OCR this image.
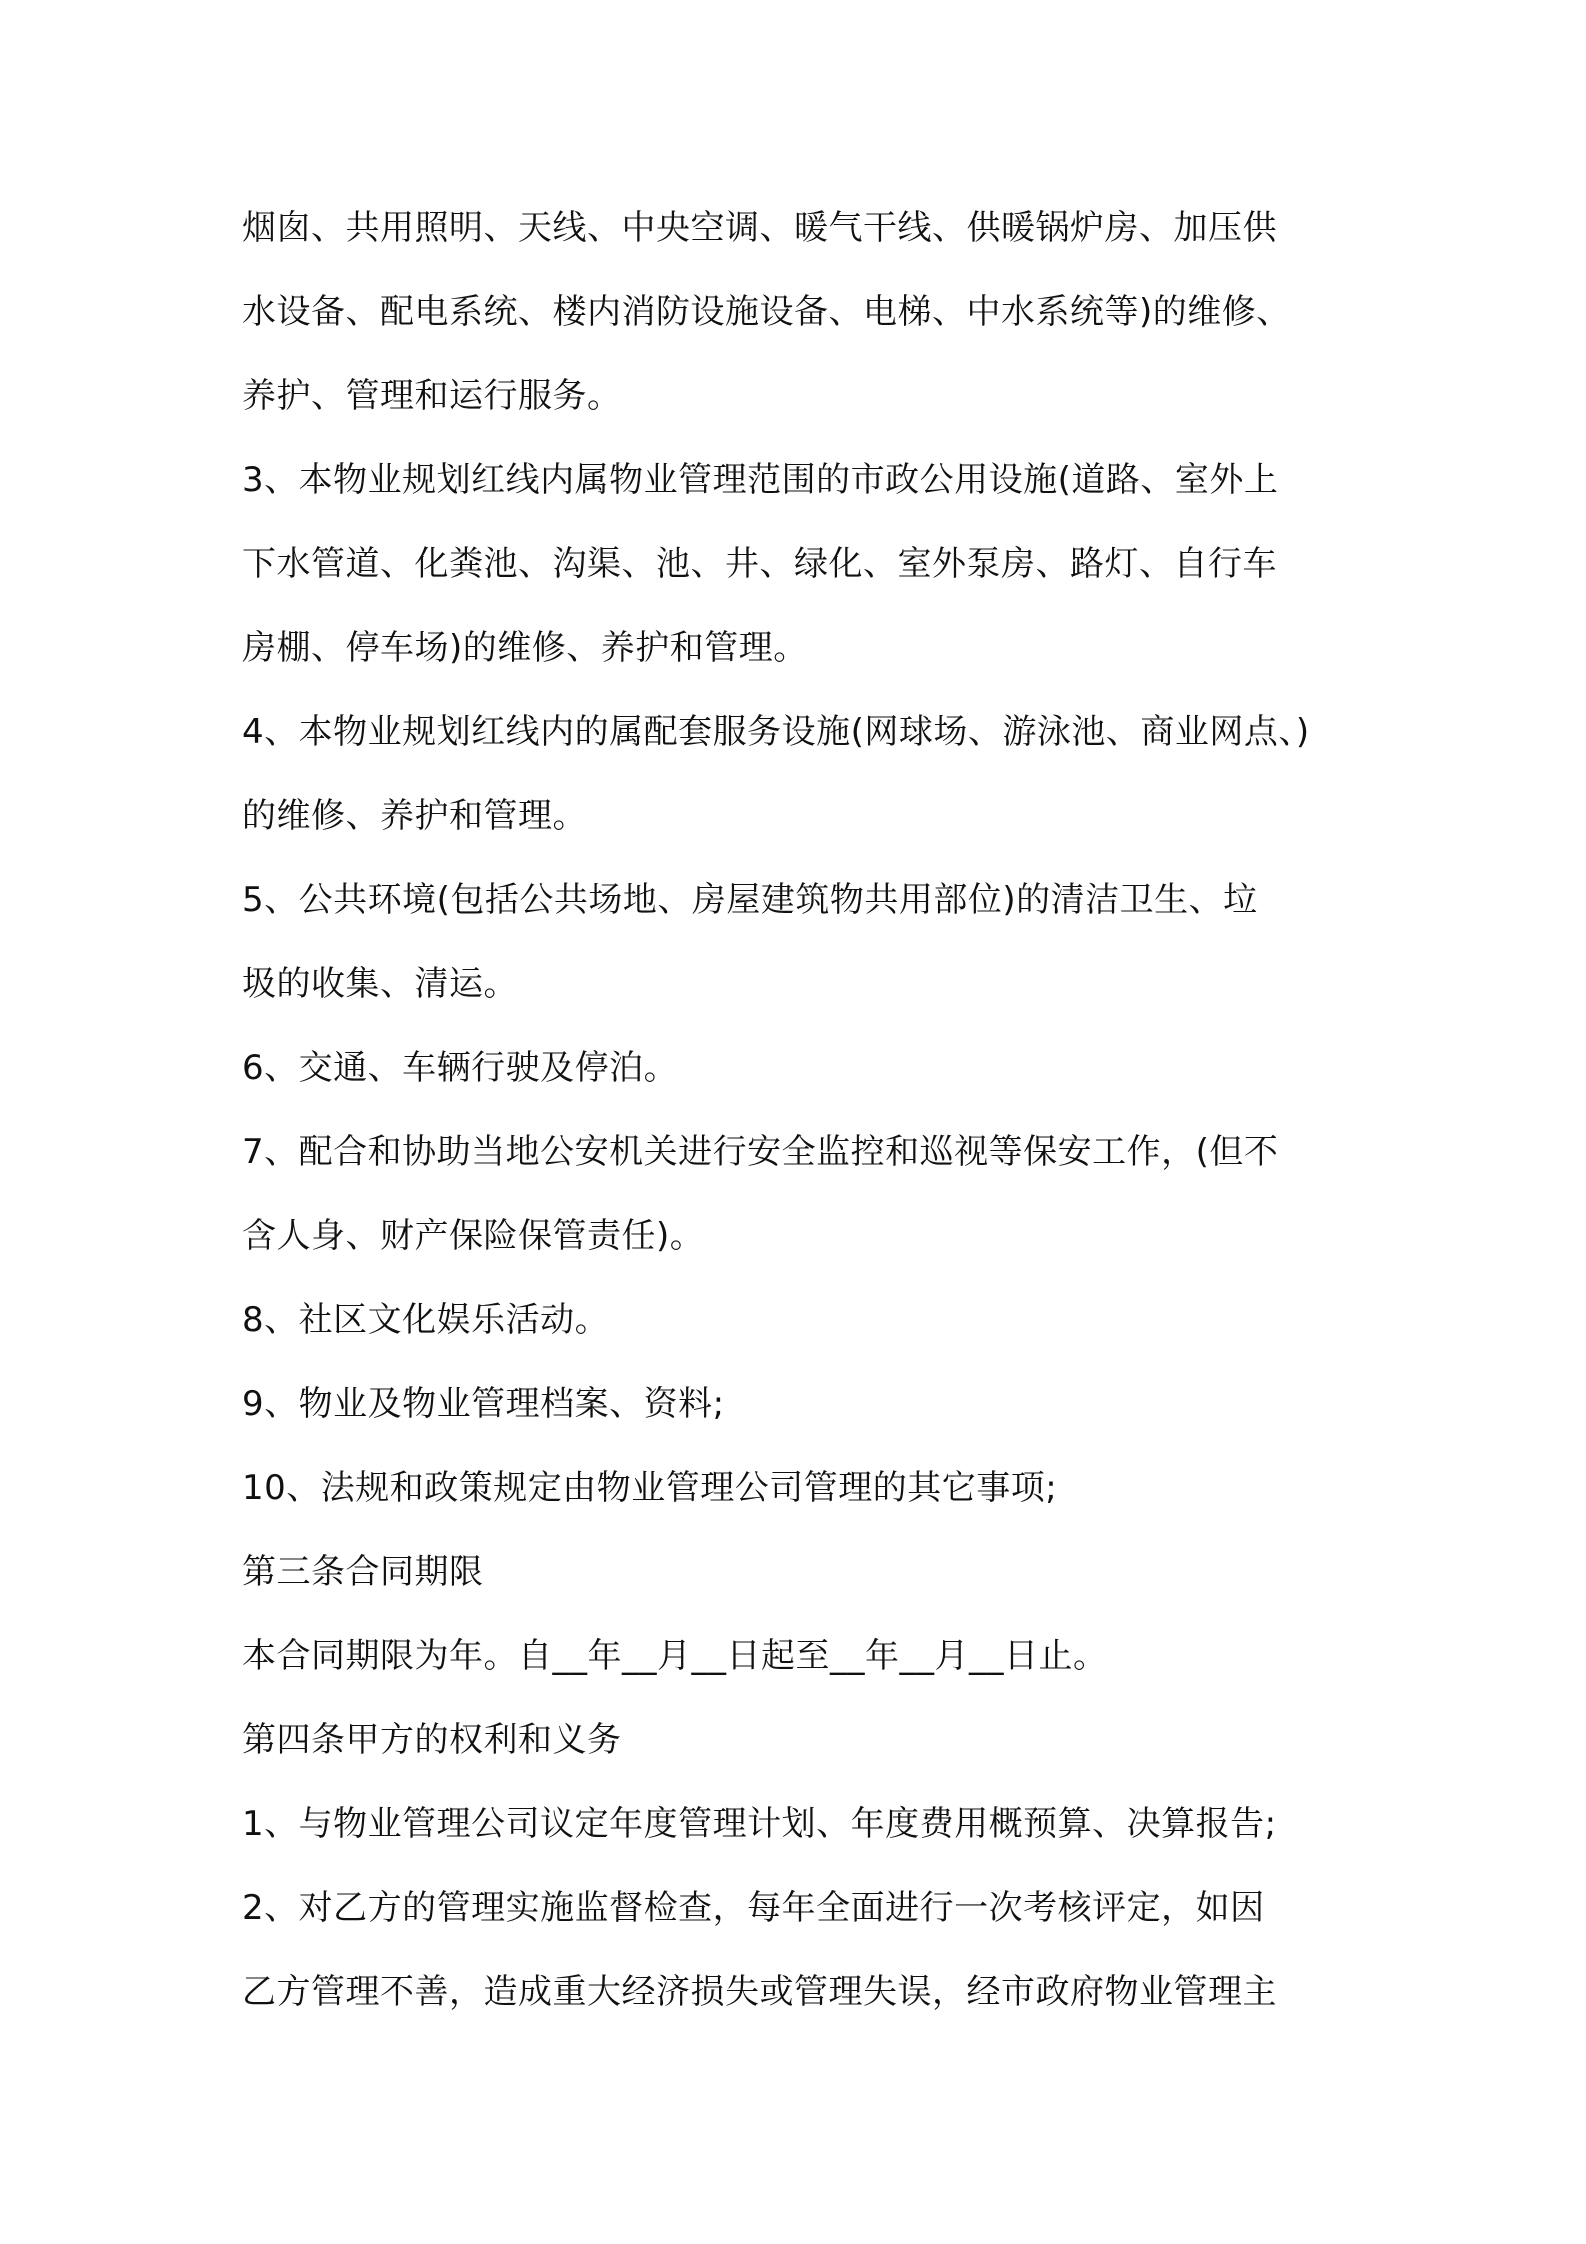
烟囱、共用照明、天线、中央空调、暖气干线、供暖锅炉房、加压供

水设备、配电系统、楼内消防设施设备、电梯、中水系统等)的维修、

养护、管理和运行服务。

3、本物业规划红线内属物业管理范围的市政公用设施(道路、室外上

下水管道、化粪池、沟渠、池、井、绿化、室外泵房、路灯、自行车

房棚、停车场)的维修、养护和管理。

4、本物业规划红线内的属配套服务设施(网球场、游泳池、商业网点、)

的维修、养护和管理。

5、公共环境(包括公共场地、房屋建筑物共用部位)的清洁卫生、垃

圾的收集、清运。

6、交通、车辆行驶及停泊。

7、配合和协助当地公安机关进行安全监控和巡视等保安工作，(但不

含人身、财产保险保管责任)。

8、社区文化娱乐活动。

9、物业及物业管理档案、资料;

10、法规和政策规定由物业管理公司管理的其它事项;

第三条合同期限

本合同期限为年。自__年__月__日起至__年__月__日止。

第四条甲方的权利和义务

1、与物业管理公司议定年度管理计划、年度费用概预算、决算报告;

2、对乙方的管理实施监督检查，每年全面进行一次考核评定，如因

乙方管理不善，造成重大经济损失或管理失误，经市政府物业管理主
